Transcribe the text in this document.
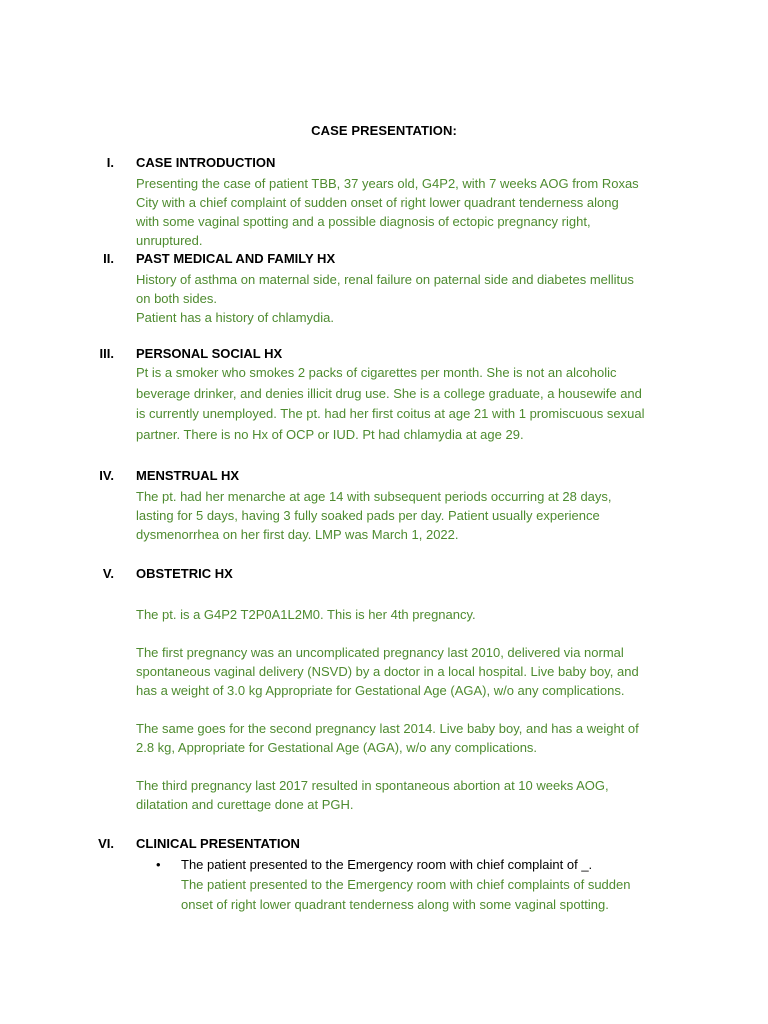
CASE PRESENTATION:
I. CASE INTRODUCTION

Presenting the case of patient TBB, 37 years old, G4P2, with 7 weeks AOG from Roxas

City with a chief complaint of sudden onset of right lower quadrant tenderness along

with some vaginal spotting and a possible diagnosis of ectopic pregnancy right,

unruptured.

II. PAST MEDICAL AND FAMILY HX

History of asthma on maternal side, renal failure on paternal side and diabetes mellitus

on both sides.

Patient has a history of chlamydia.

III. PERSONAL SOCIAL HX

Pt is a smoker who smokes 2 packs of cigarettes per month. She is not an alcoholic

beverage drinker, and denies illicit drug use. She is a college graduate, a housewife and

is currently unemployed. The pt. had her first coitus at age 21 with 1 promiscuous sexual

partner. There is no Hx of OCP or IUD. Pt had chlamydia at age 29.

IV. MENSTRUAL HX

The pt. had her menarche at age 14 with subsequent periods occurring at 28 days,

lasting for 5 days, having 3 fully soaked pads per day. Patient usually experience

dysmenorrhea on her first day. LMP was March 1, 2022.

V. OBSTETRIC HX

The pt. is a G4P2 T2P0A1L2M0. This is her 4th pregnancy.

The first pregnancy was an uncomplicated pregnancy last 2010, delivered via normal

spontaneous vaginal delivery (NSVD) by a doctor in a local hospital. Live baby boy, and

has a weight of 3.0 kg Appropriate for Gestational Age (AGA), w/o any complications.

The same goes for the second pregnancy last 2014. Live baby boy, and has a weight of

2.8 kg, Appropriate for Gestational Age (AGA), w/o any complications.

The third pregnancy last 2017 resulted in spontaneous abortion at 10 weeks AOG,

dilatation and curettage done at PGH.

VI. CLINICAL PRESENTATION
• The patient presented to the Emergency room with chief complaint of _.
The patient presented to the Emergency room with chief complaints of sudden
onset of right lower quadrant tenderness along with some vaginal spotting.
